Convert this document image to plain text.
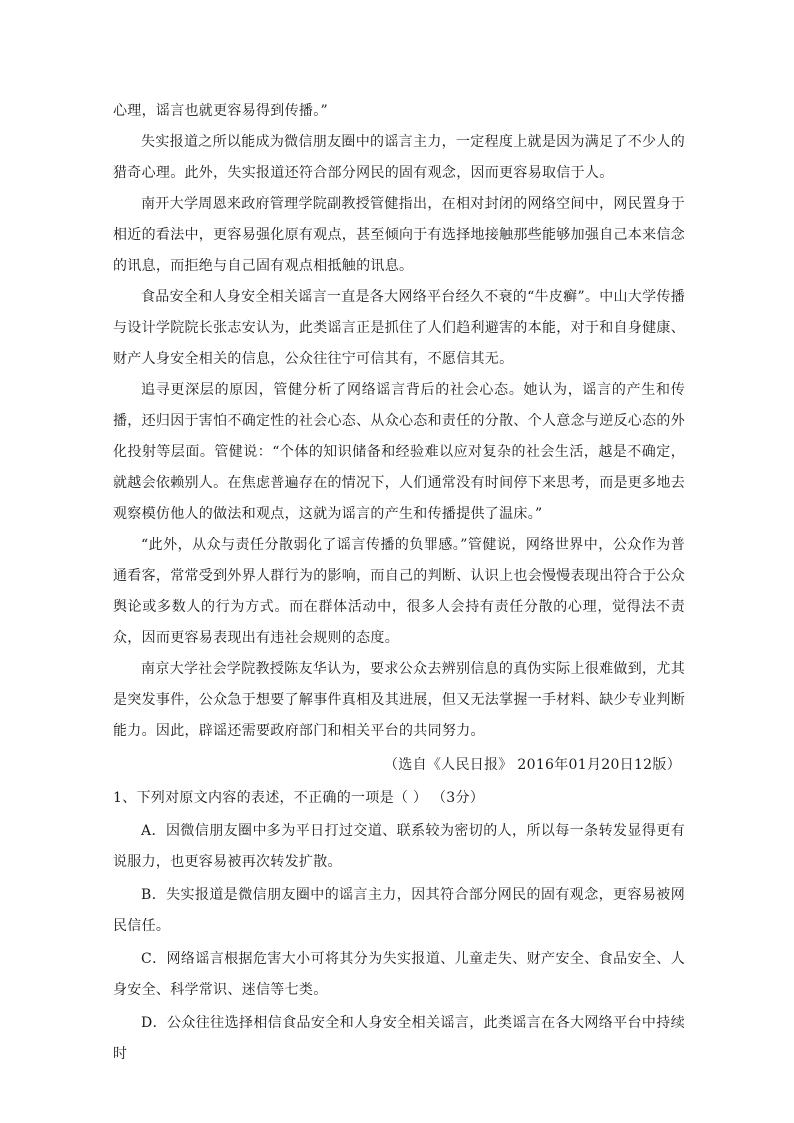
心理，谣言也就更容易得到传播。”

失实报道之所以能成为微信朋友圈中的谣言主力，一定程度上就是因为满足了不少人的猎奇心理。此外，失实报道还符合部分网民的固有观念，因而更容易取信于人。

南开大学周恩来政府管理学院副教授管健指出，在相对封闭的网络空间中，网民置身于相近的看法中，更容易强化原有观点，甚至倾向于有选择地接触那些能够加强自己本来信念的讯息，而拒绝与自己固有观点相抵触的讯息。

食品安全和人身安全相关谣言一直是各大网络平台经久不衰的“牛皮癣”。中山大学传播与设计学院院长张志安认为，此类谣言正是抓住了人们趋利避害的本能，对于和自身健康、财产人身安全相关的信息，公众往往宁可信其有，不愿信其无。

追寻更深层的原因，管健分析了网络谣言背后的社会心态。她认为，谣言的产生和传播，还归因于害怕不确定性的社会心态、从众心态和责任的分散、个人意念与逆反心态的外化投射等层面。管健说：“个体的知识储备和经验难以应对复杂的社会生活，越是不确定，就越会依赖别人。在焦虑普遍存在的情况下，人们通常没有时间停下来思考，而是更多地去观察模仿他人的做法和观点，这就为谣言的产生和传播提供了温床。”

“此外，从众与责任分散弱化了谣言传播的负罪感。”管健说，网络世界中，公众作为普通看客，常常受到外界人群行为的影响，而自己的判断、认识上也会慢慢表现出符合于公众舆论或多数人的行为方式。而在群体活动中，很多人会持有责任分散的心理，觉得法不责众，因而更容易表现出有违社会规则的态度。

南京大学社会学院教授陈友华认为，要求公众去辨别信息的真伪实际上很难做到，尤其是突发事件，公众急于想要了解事件真相及其进展，但又无法掌握一手材料、缺少专业判断能力。因此，辟谣还需要政府部门和相关平台的共同努力。

（选自《人民日报》 2016年01月20日12版）

1、下列对原文内容的表述，不正确的一项是（ ） （3分）

A．因微信朋友圈中多为平日打过交道、联系较为密切的人，所以每一条转发显得更有说服力，也更容易被再次转发扩散。

B．失实报道是微信朋友圈中的谣言主力，因其符合部分网民的固有观念，更容易被网民信任。

C．网络谣言根据危害大小可将其分为失实报道、儿童走失、财产安全、食品安全、人身安全、科学常识、迷信等七类。

D．公众往往选择相信食品安全和人身安全相关谣言，此类谣言在各大网络平台中持续时
